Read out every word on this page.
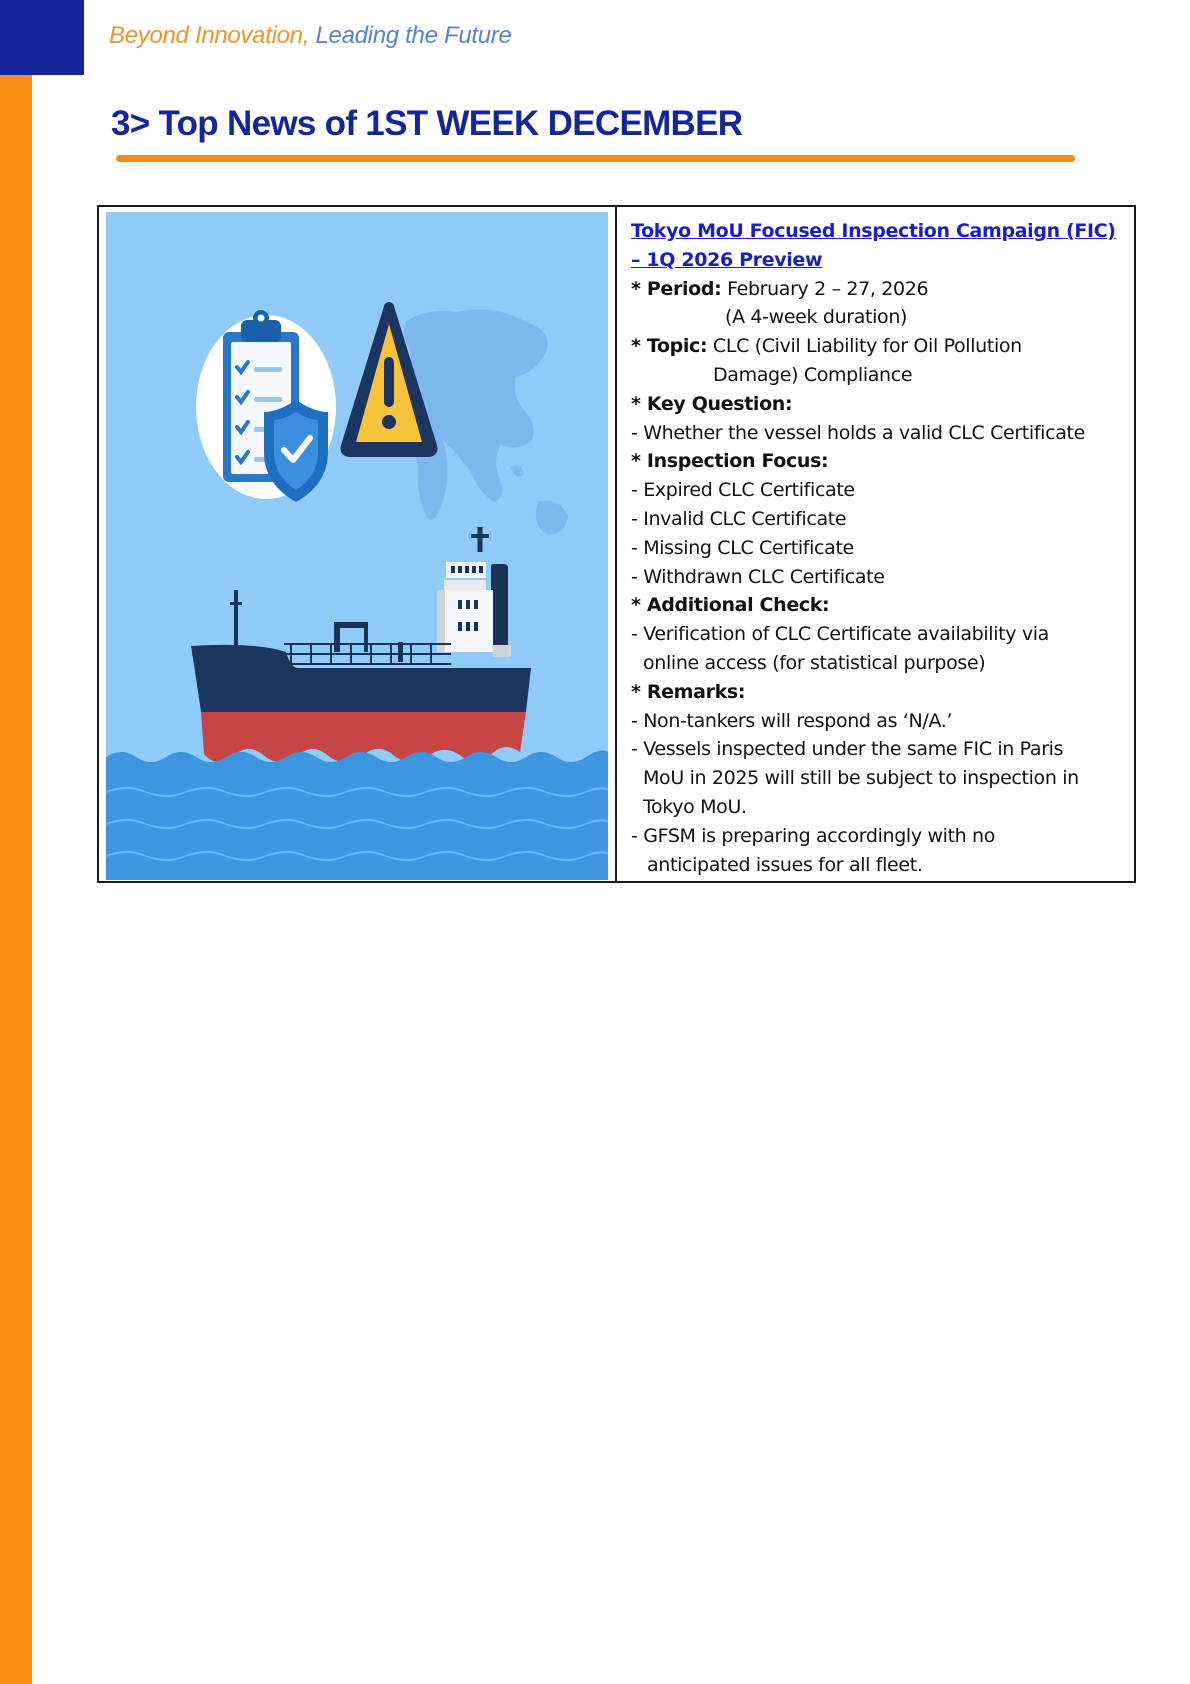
Beyond Innovation, Leading the Future
3> Top News of 1ST WEEK DECEMBER

Tokyo MoU Focused Inspection Campaign (FIC)
– 1Q 2026 Preview

* Period: February 2 – 27, 2026

(A 4-week duration)

* Topic: CLC (Civil Liability for Oil Pollution

Damage) Compliance

* Key Question:

- Whether the vessel holds a valid CLC Certificate

* Inspection Focus:

- Expired CLC Certificate

- Invalid CLC Certificate

- Missing CLC Certificate

- Withdrawn CLC Certificate

* Additional Check:

- Verification of CLC Certificate availability via

online access (for statistical purpose)

* Remarks:

- Non-tankers will respond as ‘N/A.’

- Vessels inspected under the same FIC in Paris

MoU in 2025 will still be subject to inspection in

Tokyo MoU.

- GFSM is preparing accordingly with no

anticipated issues for all fleet.
